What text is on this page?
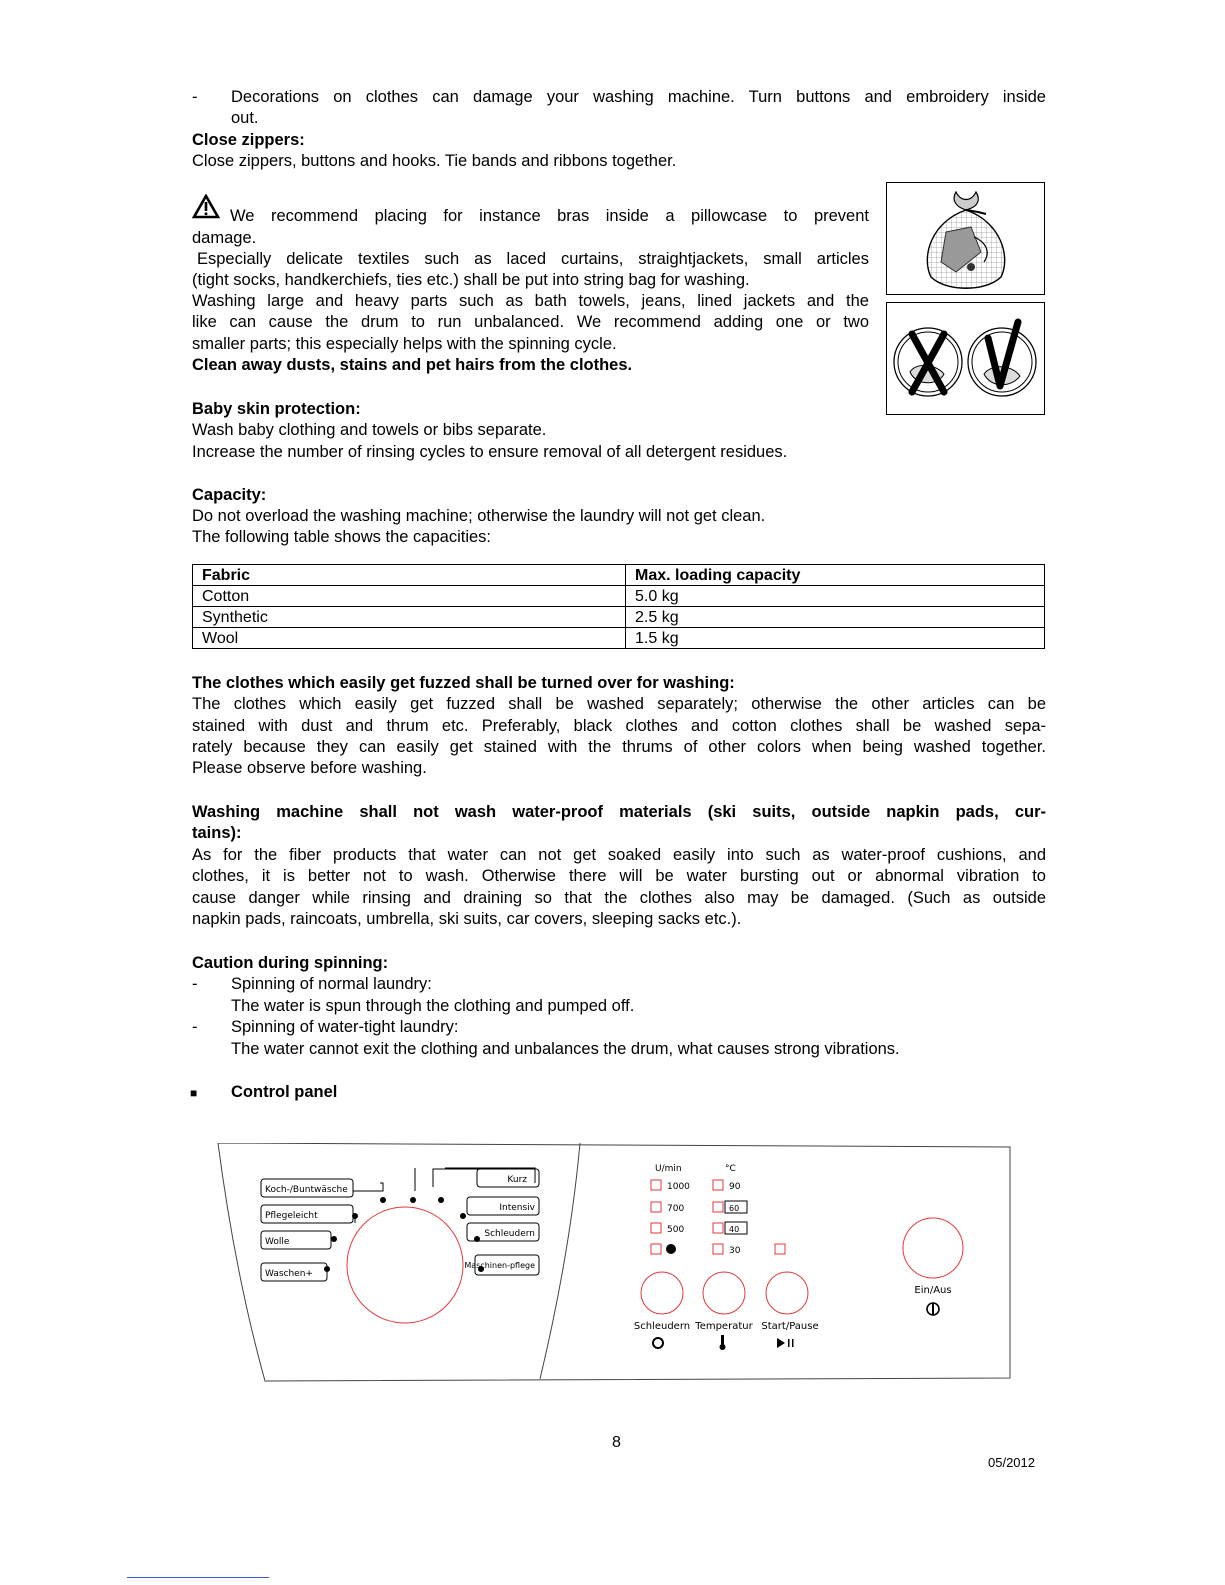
- Decorations on clothes can damage your washing machine. Turn buttons and embroidery inside
out.
Close zippers:
Close zippers, buttons and hooks. Tie bands and ribbons together.
We recommend placing for instance bras inside a pillowcase to prevent
damage.
Especially delicate textiles such as laced curtains, straightjackets, small articles
(tight socks, handkerchiefs, ties etc.) shall be put into string bag for washing.
Washing large and heavy parts such as bath towels, jeans, lined jackets and the
like can cause the drum to run unbalanced. We recommend adding one or two
smaller parts; this especially helps with the spinning cycle.
Clean away dusts, stains and pet hairs from the clothes.
Baby skin protection:
Wash baby clothing and towels or bibs separate.
Increase the number of rinsing cycles to ensure removal of all detergent residues.
Capacity:
Do not overload the washing machine; otherwise the laundry will not get clean.
The following table shows the capacities:
Fabric	Max. loading capacity
Cotton	5.0 kg
Synthetic	2.5 kg
Wool	1.5 kg
The clothes which easily get fuzzed shall be turned over for washing:
The clothes which easily get fuzzed shall be washed separately; otherwise the other articles can be
stained with dust and thrum etc. Preferably, black clothes and cotton clothes shall be washed sepa-
rately because they can easily get stained with the thrums of other colors when being washed together.
Please observe before washing.
Washing machine shall not wash water-proof materials (ski suits, outside napkin pads, cur-
tains):
As for the fiber products that water can not get soaked easily into such as water-proof cushions, and
clothes, it is better not to wash. Otherwise there will be water bursting out or abnormal vibration to
cause danger while rinsing and draining so that the clothes also may be damaged. (Such as outside
napkin pads, raincoats, umbrella, ski suits, car covers, sleeping sacks etc.).
Caution during spinning:
- Spinning of normal laundry:
The water is spun through the clothing and pumped off.
- Spinning of water-tight laundry:
The water cannot exit the clothing and unbalances the drum, what causes strong vibrations.
■ Control panel
Koch-/Buntwäsche
Pflegeleicht
Wolle
Waschen+
Kurz
Intensiv
Schleudern
Maschinen-pflege
U/min	°C
1000
700
500
90
60
40
30
Schleudern Temperatur Start/Pause
Ein/Aus
8
05/2012
